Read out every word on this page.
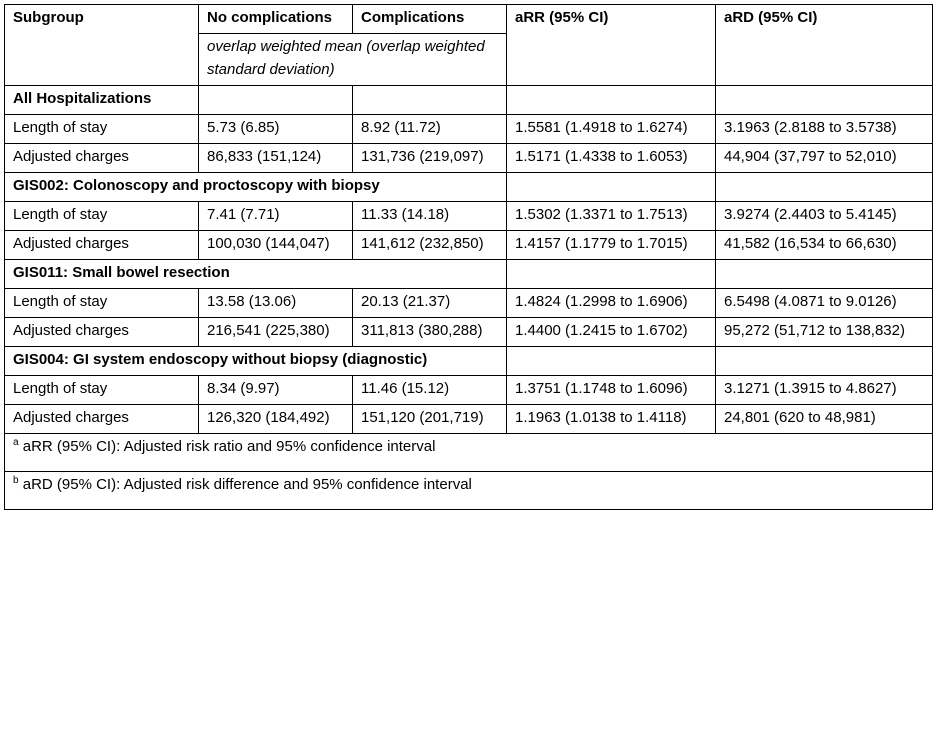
Subgroup	No complications	Complications	aRR (95% CI)	aRD (95% CI)
	overlap weighted mean (overlap weighted standard deviation)			
All Hospitalizations				
Length of stay	5.73 (6.85)	8.92 (11.72)	1.5581 (1.4918 to 1.6274)	3.1963 (2.8188 to 3.5738)
Adjusted charges	86,833 (151,124)	131,736 (219,097)	1.5171 (1.4338 to 1.6053)	44,904 (37,797 to 52,010)
GIS002: Colonoscopy and proctoscopy with biopsy				
Length of stay	7.41 (7.71)	11.33 (14.18)	1.5302 (1.3371 to 1.7513)	3.9274 (2.4403 to 5.4145)
Adjusted charges	100,030 (144,047)	141,612 (232,850)	1.4157 (1.1779 to 1.7015)	41,582 (16,534 to 66,630)
GIS011: Small bowel resection				
Length of stay	13.58 (13.06)	20.13 (21.37)	1.4824 (1.2998 to 1.6906)	6.5498 (4.0871 to 9.0126)
Adjusted charges	216,541 (225,380)	311,813 (380,288)	1.4400 (1.2415 to 1.6702)	95,272 (51,712 to 138,832)
GIS004: GI system endoscopy without biopsy (diagnostic)				
Length of stay	8.34 (9.97)	11.46 (15.12)	1.3751 (1.1748 to 1.6096)	3.1271 (1.3915 to 4.8627)
Adjusted charges	126,320 (184,492)	151,120 (201,719)	1.1963 (1.0138 to 1.4118)	24,801 (620 to 48,981)
$^a$ aRR (95% CI): Adjusted risk ratio and 95% confidence interval				
$^b$ aRD (95% CI): Adjusted risk difference and 95% confidence interval				
